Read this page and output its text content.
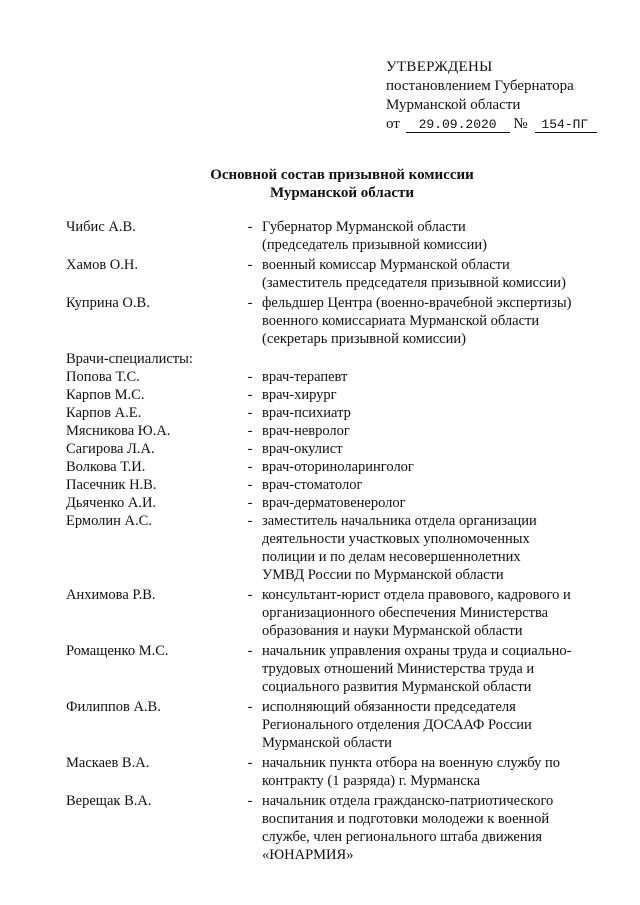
УТВЕРЖДЕНЫ
постановлением Губернатора
Мурманской области
от 29.09.2020 № 154-ПГ
Основной состав призывной комиссии
Мурманской области
Чибис А.В.	- Губернатор Мурманской области
(председатель призывной комиссии)
Хамов О.Н.	- военный комиссар Мурманской области
(заместитель председателя призывной комиссии)
Куприна О.В.	- фельдшер Центра (военно-врачебной экспертизы)
военного комиссариата Мурманской области
(секретарь призывной комиссии)
Врачи-специалисты:
Попова Т.С.	- врач-терапевт
Карпов М.С.	- врач-хирург
Карпов А.Е.	- врач-психиатр
Мясникова Ю.А.	- врач-невролог
Сагирова Л.А.	- врач-окулист
Волкова Т.И.	- врач-оториноларинголог
Пасечник Н.В.	- врач-стоматолог
Дьяченко А.И.	- врач-дерматовенеролог
Ермолин А.С.	- заместитель начальника отдела организации
деятельности участковых уполномоченных
полиции и по делам несовершеннолетних
УМВД России по Мурманской области
Анхимова Р.В.	- консультант-юрист отдела правового, кадрового и
организационного обеспечения Министерства
образования и науки Мурманской области
Ромащенко М.С.	- начальник управления охраны труда и социально-
трудовых отношений Министерства труда и
социального развития Мурманской области
Филиппов А.В.	- исполняющий обязанности председателя
Регионального отделения ДОСААФ России
Мурманской области
Маскаев В.А.	- начальник пункта отбора на военную службу по
контракту (1 разряда) г. Мурманска
Верещак В.А.	- начальник отдела гражданско-патриотического
воспитания и подготовки молодежи к военной
службе, член регионального штаба движения
«ЮНАРМИЯ»
